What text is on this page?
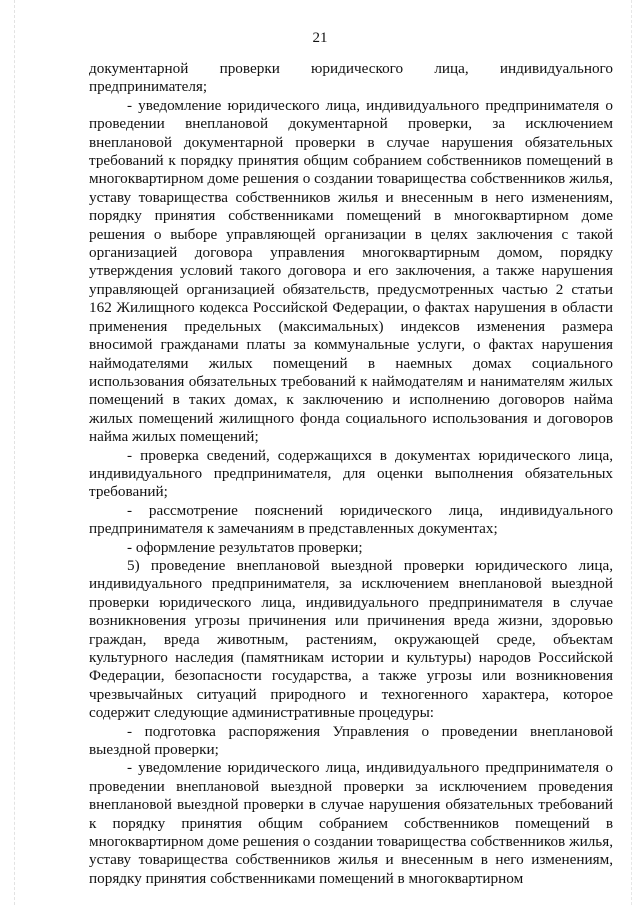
21

документарной проверки юридического лица, индивидуального предпринимателя;

- уведомление юридического лица, индивидуального предпринимателя о проведении внеплановой документарной проверки, за исключением внеплановой документарной проверки в случае нарушения обязательных требований к порядку принятия общим собранием собственников помещений в многоквартирном доме решения о создании товарищества собственников жилья, уставу товарищества собственников жилья и внесенным в него изменениям, порядку принятия собственниками помещений в многоквартирном доме решения о выборе управляющей организации в целях заключения с такой организацией договора управления многоквартирным домом, порядку утверждения условий такого договора и его заключения, а также нарушения управляющей организацией обязательств, предусмотренных частью 2 статьи 162 Жилищного кодекса Российской Федерации, о фактах нарушения в области применения предельных (максимальных) индексов изменения размера вносимой гражданами платы за коммунальные услуги, о фактах нарушения наймодателями жилых помещений в наемных домах социального использования обязательных требований к наймодателям и нанимателям жилых помещений в таких домах, к заключению и исполнению договоров найма жилых помещений жилищного фонда социального использования и договоров найма жилых помещений;

- проверка сведений, содержащихся в документах юридического лица, индивидуального предпринимателя, для оценки выполнения обязательных требований;

- рассмотрение пояснений юридического лица, индивидуального предпринимателя к замечаниям в представленных документах;

- оформление результатов проверки;

5) проведение внеплановой выездной проверки юридического лица, индивидуального предпринимателя, за исключением внеплановой выездной проверки юридического лица, индивидуального предпринимателя в случае возникновения угрозы причинения или причинения вреда жизни, здоровью граждан, вреда животным, растениям, окружающей среде, объектам культурного наследия (памятникам истории и культуры) народов Российской Федерации, безопасности государства, а также угрозы или возникновения чрезвычайных ситуаций природного и техногенного характера, которое содержит следующие административные процедуры:

- подготовка распоряжения Управления о проведении внеплановой выездной проверки;

- уведомление юридического лица, индивидуального предпринимателя о проведении внеплановой выездной проверки за исключением проведения внеплановой выездной проверки в случае нарушения обязательных требований к порядку принятия общим собранием собственников помещений в многоквартирном доме решения о создании товарищества собственников жилья, уставу товарищества собственников жилья и внесенным в него изменениям, порядку принятия собственниками помещений в многоквартирном
